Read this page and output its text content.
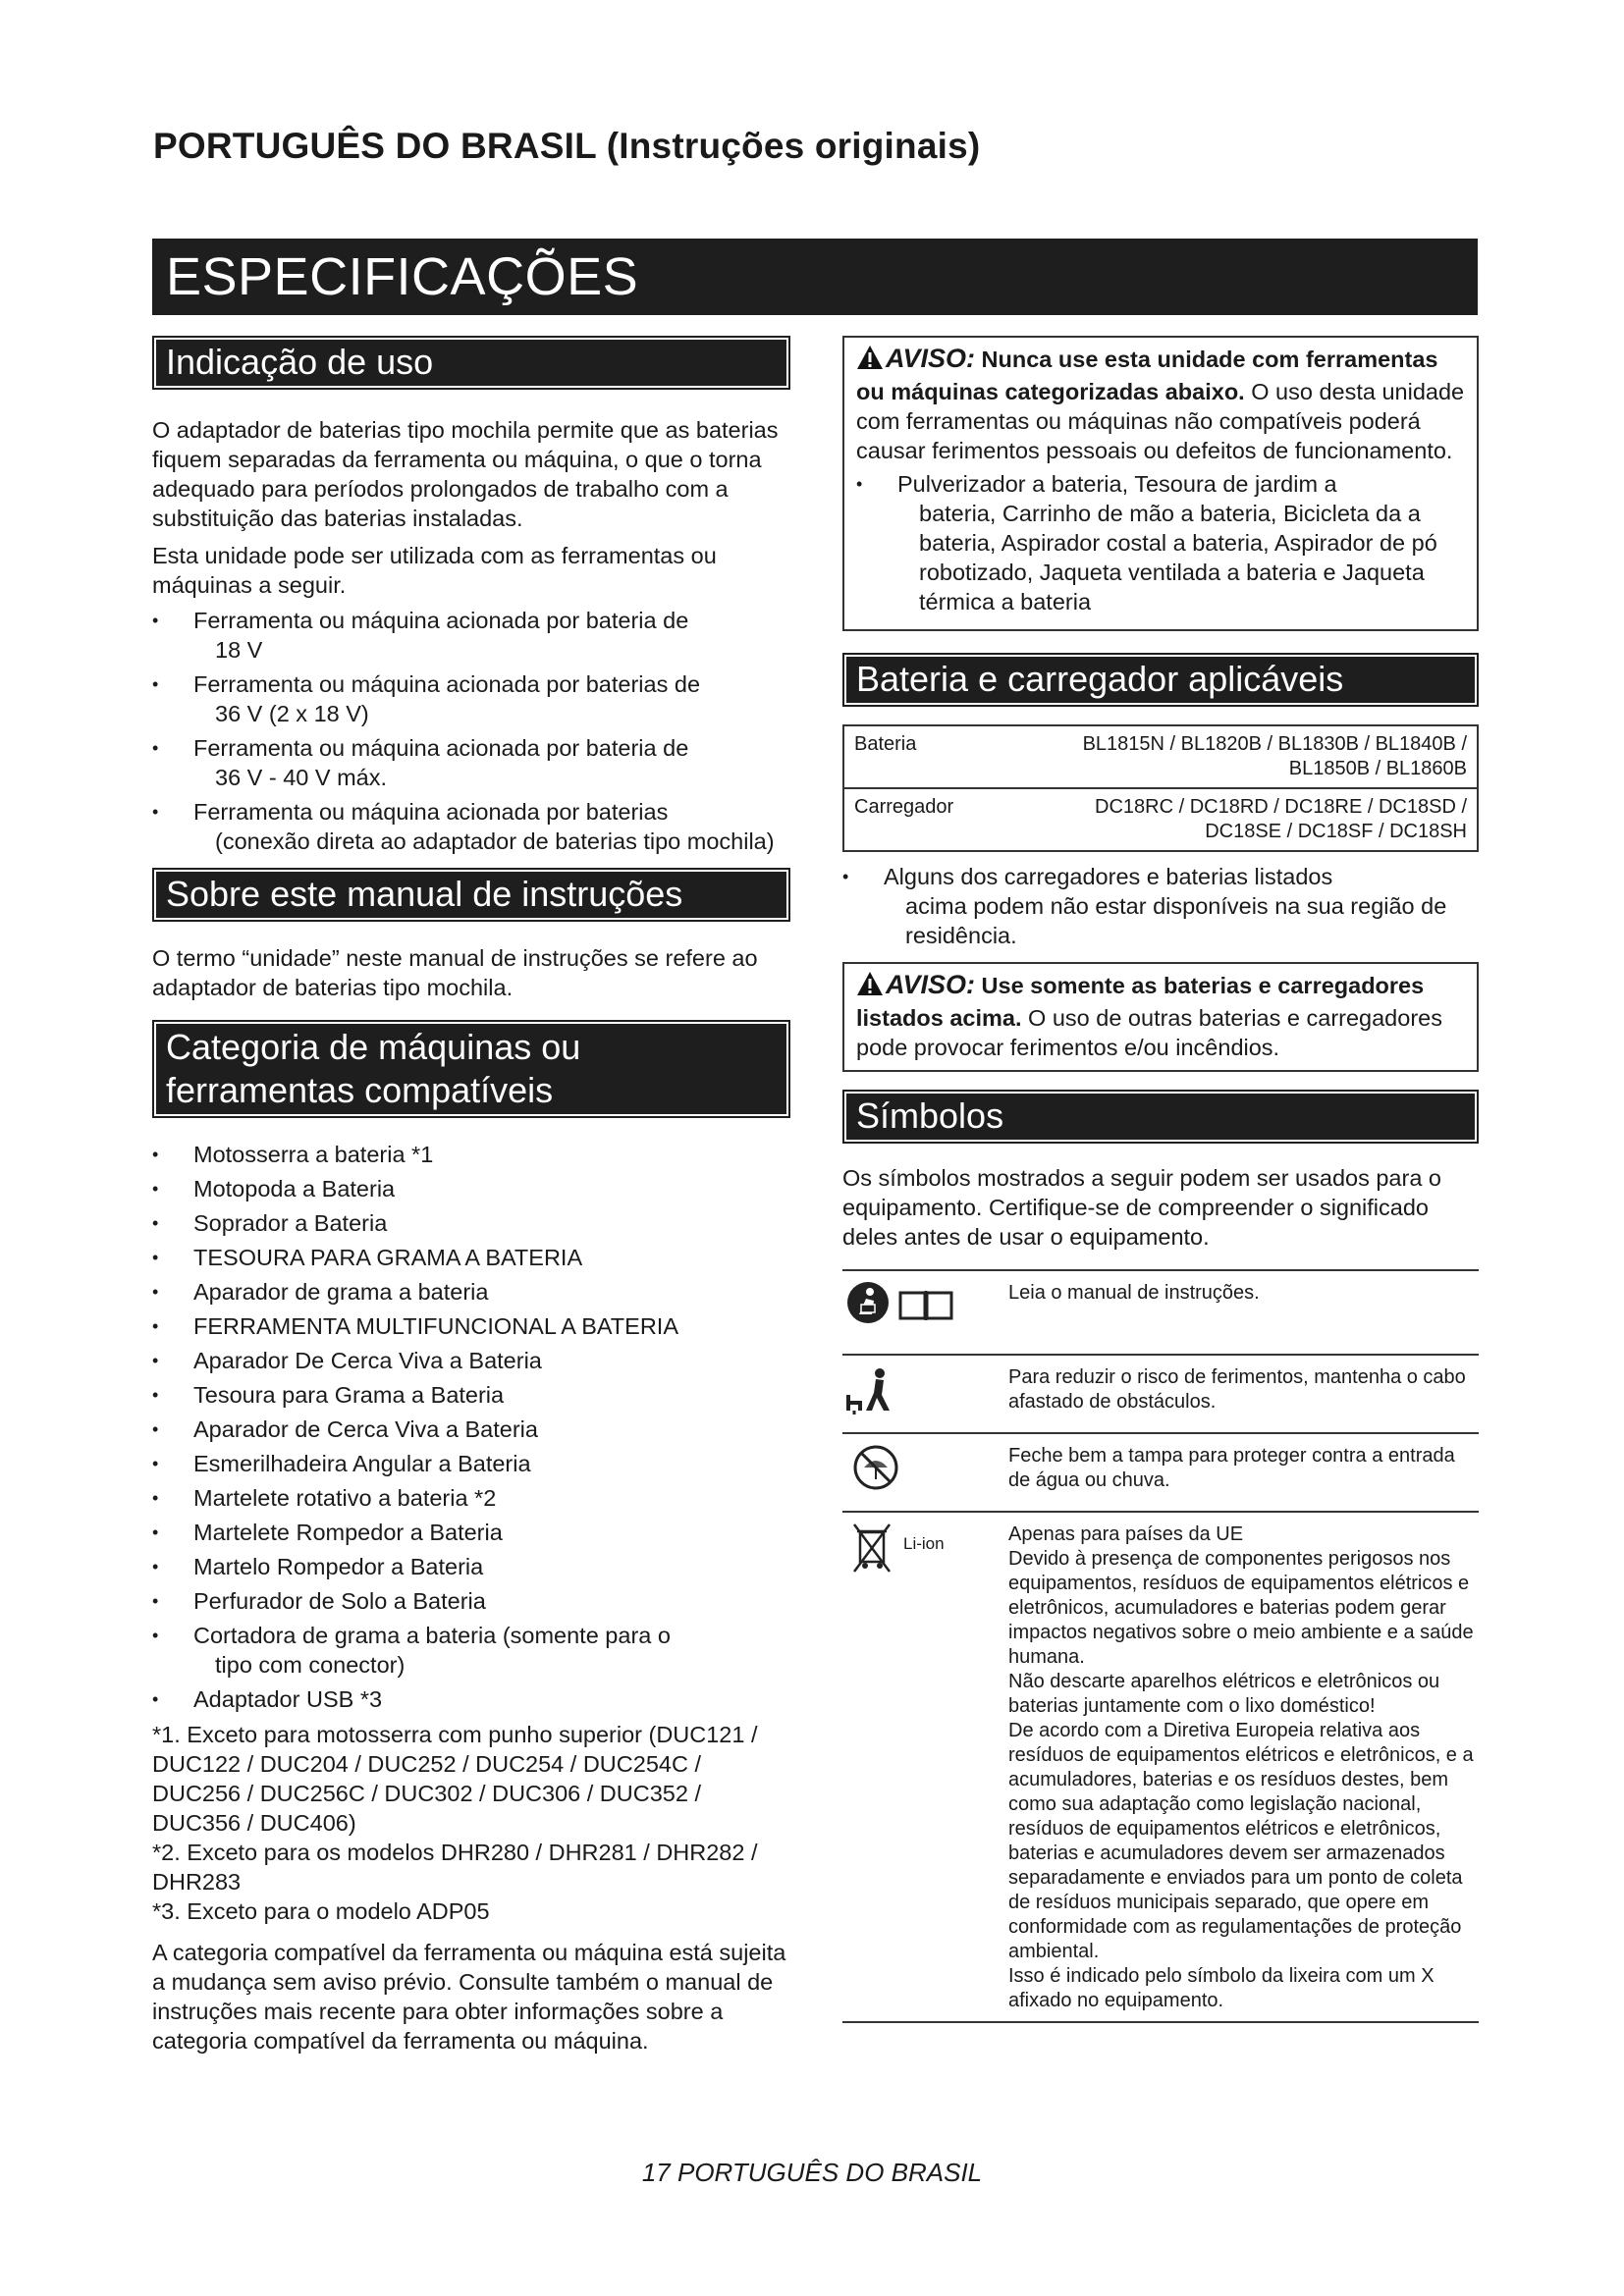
PORTUGUÊS DO BRASIL (Instruções originais)
ESPECIFICAÇÕES
Indicação de uso

O adaptador de baterias tipo mochila permite que as baterias fiquem separadas da ferramenta ou máquina, o que o torna adequado para períodos prolongados de trabalho com a substituição das baterias instaladas.

Esta unidade pode ser utilizada com as ferramentas ou máquinas a seguir.

• Ferramenta ou máquina acionada por bateria de
18 V
• Ferramenta ou máquina acionada por baterias de
36 V (2 x 18 V)
• Ferramenta ou máquina acionada por bateria de
36 V - 40 V máx.
• Ferramenta ou máquina acionada por baterias
(conexão direta ao adaptador de baterias tipo mochila)
Sobre este manual de instruções

O termo “unidade” neste manual de instruções se refere ao adaptador de baterias tipo mochila.

Categoria de máquinas ou
ferramentas compatíveis
• Motosserra a bateria *1
• Motopoda a Bateria
• Soprador a Bateria
• TESOURA PARA GRAMA A BATERIA
• Aparador de grama a bateria
• FERRAMENTA MULTIFUNCIONAL A BATERIA
• Aparador De Cerca Viva a Bateria
• Tesoura para Grama a Bateria
• Aparador de Cerca Viva a Bateria
• Esmerilhadeira Angular a Bateria
• Martelete rotativo a bateria *2
• Martelete Rompedor a Bateria
• Martelo Rompedor a Bateria
• Perfurador de Solo a Bateria
• Cortadora de grama a bateria (somente para o
tipo com conector)
• Adaptador USB *3

*1. Exceto para motosserra com punho superior (DUC121 / DUC122 / DUC204 / DUC252 / DUC254 / DUC254C / DUC256 / DUC256C / DUC302 / DUC306 / DUC352 / DUC356 / DUC406)

*2. Exceto para os modelos DHR280 / DHR281 / DHR282 / DHR283

*3. Exceto para o modelo ADP05

A categoria compatível da ferramenta ou máquina está sujeita a mudança sem aviso prévio. Consulte também o manual de instruções mais recente para obter informações sobre a categoria compatível da ferramenta ou máquina.

AVISO: Nunca use esta unidade com ferramentas ou máquinas categorizadas abaixo. O uso desta unidade com ferramentas ou máquinas não compatíveis poderá causar ferimentos pessoais ou defeitos de funcionamento.
• Pulverizador a bateria, Tesoura de jardim a
bateria, Carrinho de mão a bateria, Bicicleta da a bateria, Aspirador costal a bateria, Aspirador de pó robotizado, Jaqueta ventilada a bateria e Jaqueta térmica a bateria
Bateria e carregador aplicáveis
Bateria	BL1815N / BL1820B / BL1830B / BL1840B / BL1850B / BL1860B
Carregador	DC18RC / DC18RD / DC18RE / DC18SD / DC18SE / DC18SF / DC18SH
• Alguns dos carregadores e baterias listados
acima podem não estar disponíveis na sua região de residência.
AVISO: Use somente as baterias e carregadores listados acima. O uso de outras baterias e carregadores pode provocar ferimentos e/ou incêndios.
Símbolos

Os símbolos mostrados a seguir podem ser usados para o equipamento. Certifique-se de compreender o significado deles antes de usar o equipamento.

Leia o manual de instruções.
Para reduzir o risco de ferimentos, mantenha o cabo afastado de obstáculos.
Feche bem a tampa para proteger contra a entrada de água ou chuva.
Li-ion	Apenas para países da UE
Devido à presença de componentes perigosos nos equipamentos, resíduos de equipamentos elétricos e eletrônicos, acumuladores e baterias podem gerar impactos negativos sobre o meio ambiente e a saúde humana.
Não descarte aparelhos elétricos e eletrônicos ou baterias juntamente com o lixo doméstico!
De acordo com a Diretiva Europeia relativa aos resíduos de equipamentos elétricos e eletrônicos, e a acumuladores, baterias e os resíduos destes, bem como sua adaptação como legislação nacional, resíduos de equipamentos elétricos e eletrônicos, baterias e acumuladores devem ser armazenados separadamente e enviados para um ponto de coleta de resíduos municipais separado, que opere em conformidade com as regulamentações de proteção ambiental.
Isso é indicado pelo símbolo da lixeira com um X afixado no equipamento.
17 PORTUGUÊS DO BRASIL
